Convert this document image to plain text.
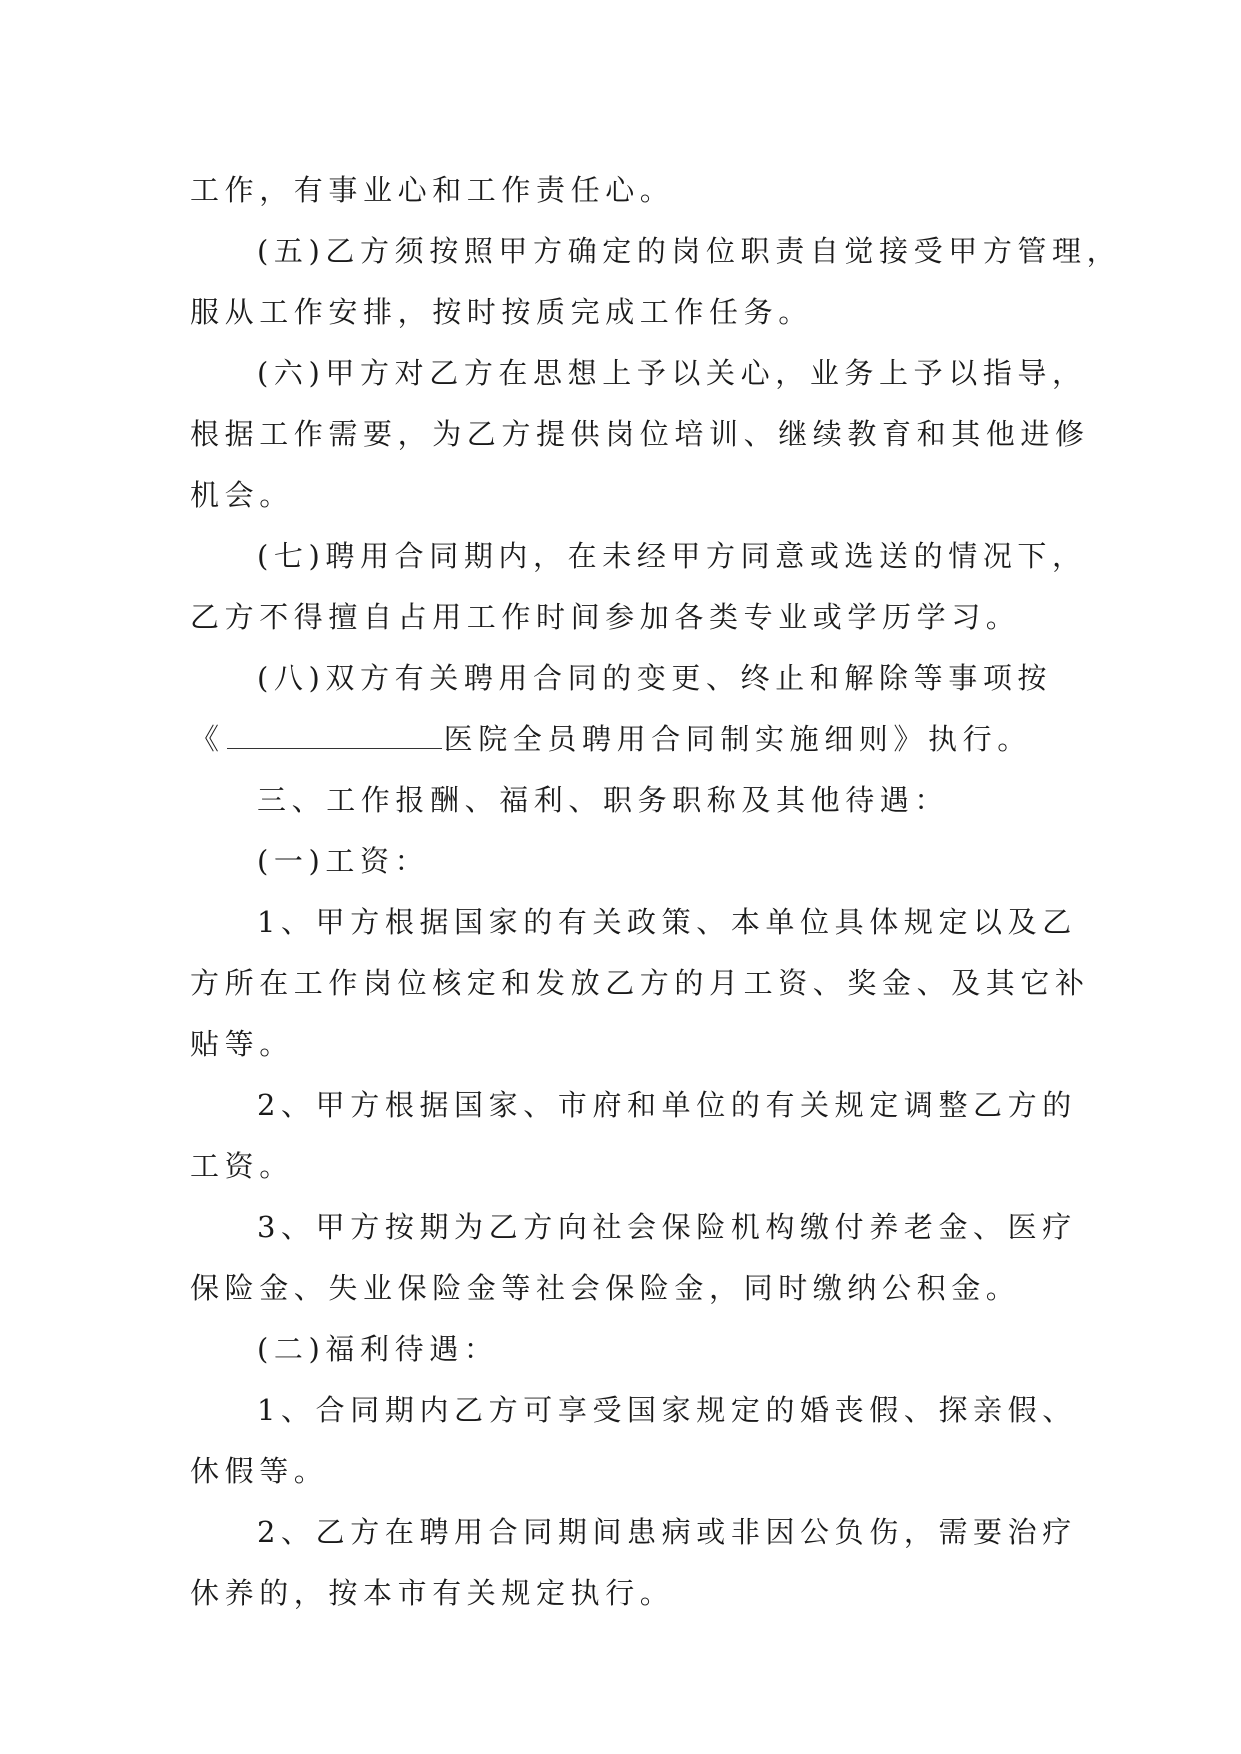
工作，有事业心和工作责任心。
(五)乙方须按照甲方确定的岗位职责自觉接受甲方管理，
服从工作安排，按时按质完成工作任务。
(六)甲方对乙方在思想上予以关心，业务上予以指导，
根据工作需要，为乙方提供岗位培训、继续教育和其他进修
机会。
(七)聘用合同期内，在未经甲方同意或选送的情况下，
乙方不得擅自占用工作时间参加各类专业或学历学习。
(八)双方有关聘用合同的变更、终止和解除等事项按
《	医院全员聘用合同制实施细则》执行。
三、工作报酬、福利、职务职称及其他待遇：
(一)工资：
1、甲方根据国家的有关政策、本单位具体规定以及乙
方所在工作岗位核定和发放乙方的月工资、奖金、及其它补
贴等。
2、甲方根据国家、市府和单位的有关规定调整乙方的
工资。
3、甲方按期为乙方向社会保险机构缴付养老金、医疗
保险金、失业保险金等社会保险金，同时缴纳公积金。
(二)福利待遇：
1、合同期内乙方可享受国家规定的婚丧假、探亲假、
休假等。
2、乙方在聘用合同期间患病或非因公负伤，需要治疗
休养的，按本市有关规定执行。
